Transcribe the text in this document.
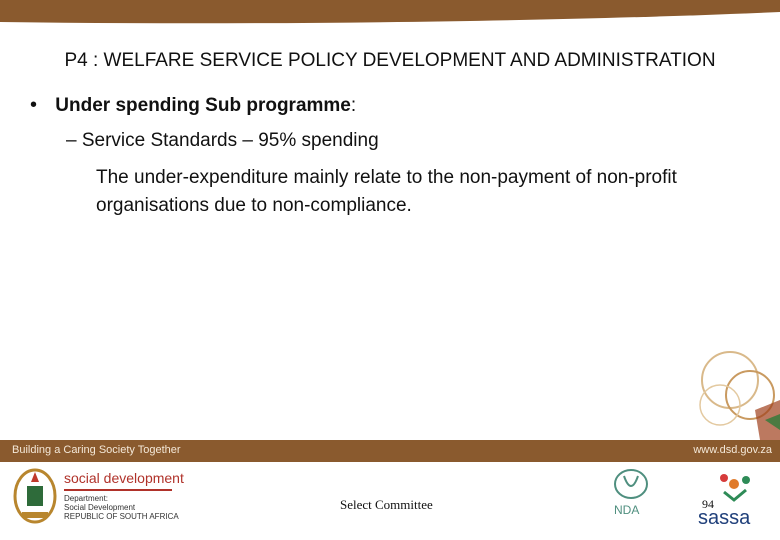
P4 : WELFARE SERVICE POLICY DEVELOPMENT AND ADMINISTRATION
• Under spending Sub programme:
– Service Standards – 95% spending
The under-expenditure mainly relate to the non-payment of non-profit organisations due to non-compliance.
Building a Caring Society Together	www.dsd.gov.za
social development
Department:
Social Development
REPUBLIC OF SOUTH AFRICA
Select Committee	NDA	94
sassa
